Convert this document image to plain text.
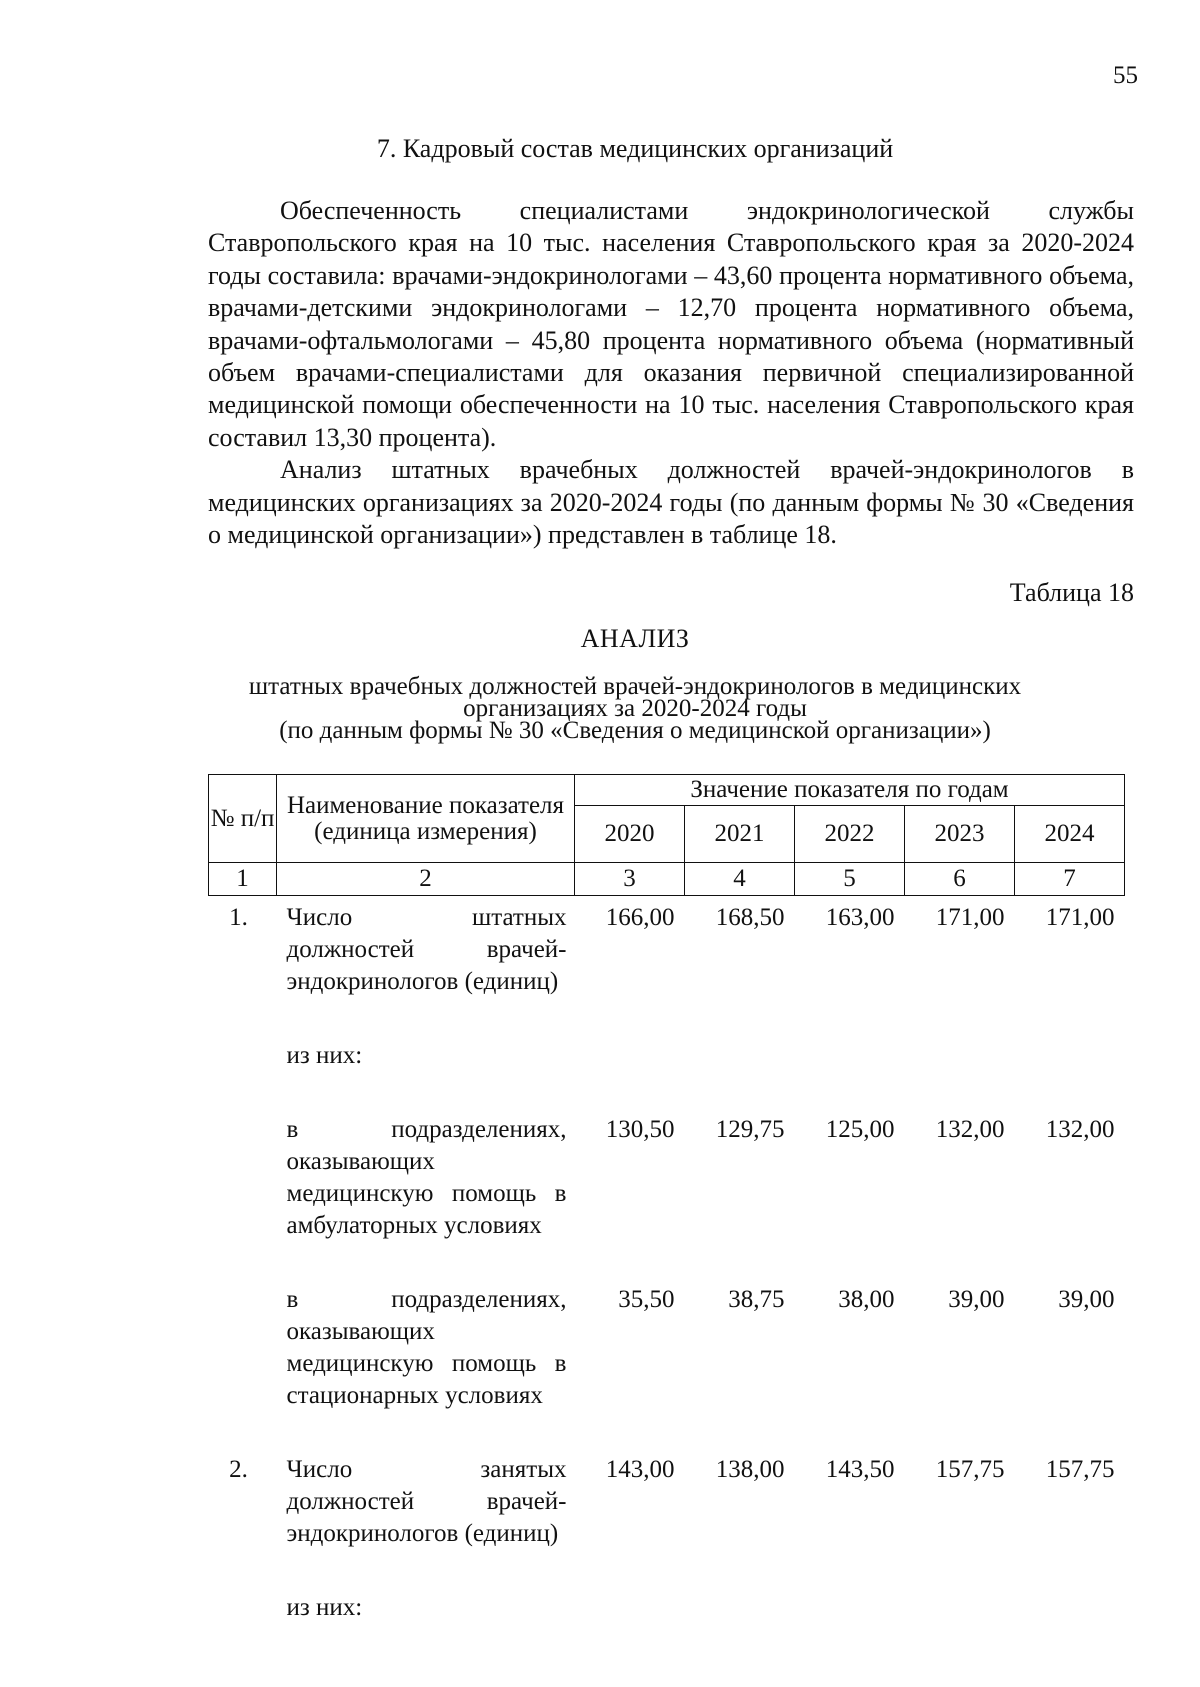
55
7. Кадровый состав медицинских организаций

Обеспеченность специалистами эндокринологической службы Ставропольского края на 10 тыс. населения Ставропольского края за 2020-2024 годы составила: врачами-эндокринологами – 43,60 процента нормативного объема, врачами-детскими эндокринологами – 12,70 процента нормативного объема, врачами-офтальмологами – 45,80 процента нормативного объема (нормативный объем врачами-специалистами для оказания первичной специализированной медицинской помощи обеспеченности на 10 тыс. населения Ставропольского края составил 13,30 процента).

Анализ штатных врачебных должностей врачей-эндокринологов в медицинских организациях за 2020-2024 годы (по данным формы № 30 «Сведения о медицинской организации») представлен в таблице 18.

Таблица 18
АНАЛИЗ
штатных врачебных должностей врачей-эндокринологов в медицинских
организациях за 2020-2024 годы
(по данным формы № 30 «Сведения о медицинской организации»)
№ п/п	Наименование показателя (единица измерения)	Значение показателя по годам				
		2020	2021	2022	2023	2024
1	2	3	4	5	6	7

1.	Число штатных должностей врачей-эндокринологов (единиц)	166,00	168,50	163,00	171,00	171,00
	из них:					
	в подразделениях, оказывающих медицинскую помощь в амбулаторных условиях	130,50	129,75	125,00	132,00	132,00
	в подразделениях, оказывающих медицинскую помощь в стационарных условиях	35,50	38,75	38,00	39,00	39,00
2.	Число занятых должностей врачей-эндокринологов (единиц)	143,00	138,00	143,50	157,75	157,75
	из них:					
